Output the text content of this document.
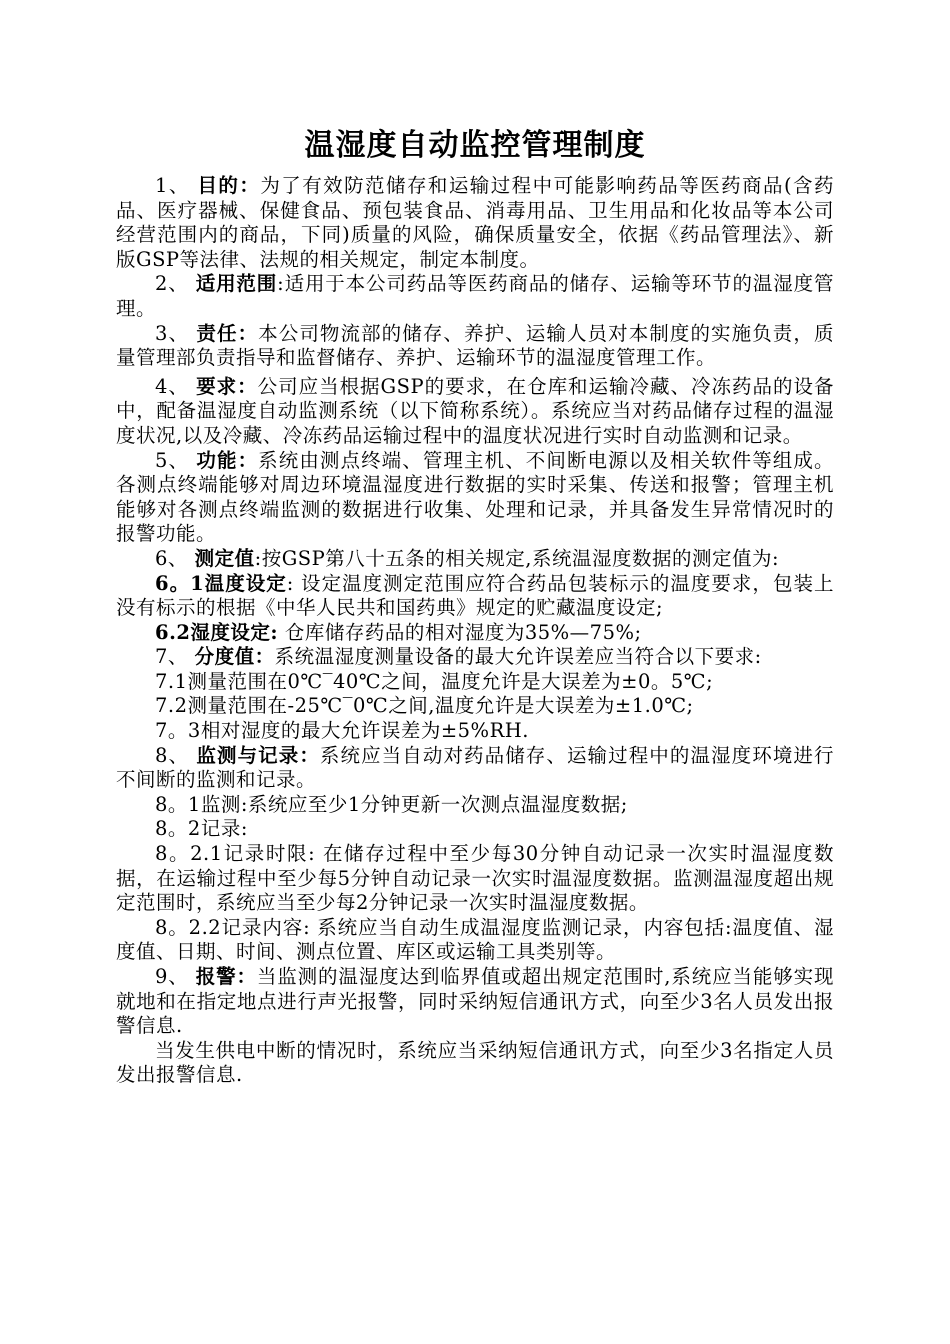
温湿度自动监控管理制度

1、 目的：为了有效防范储存和运输过程中可能影响药品等医药商品(含药品、医疗器械、保健食品、预包装食品、消毒用品、卫生用品和化妆品等本公司经营范围内的商品，下同)质量的风险，确保质量安全，依据《药品管理法》、新版GSP等法律、法规的相关规定，制定本制度。

2、 适用范围:适用于本公司药品等医药商品的储存、运输等环节的温湿度管理。

3、 责任：本公司物流部的储存、养护、运输人员对本制度的实施负责，质量管理部负责指导和监督储存、养护、运输环节的温湿度管理工作。

4、 要求：公司应当根据GSP的要求，在仓库和运输冷藏、冷冻药品的设备中，配备温湿度自动监测系统（以下简称系统）。系统应当对药品储存过程的温湿度状况,以及冷藏、冷冻药品运输过程中的温度状况进行实时自动监测和记录。

5、 功能：系统由测点终端、管理主机、不间断电源以及相关软件等组成。各测点终端能够对周边环境温湿度进行数据的实时采集、传送和报警；管理主机能够对各测点终端监测的数据进行收集、处理和记录，并具备发生异常情况时的报警功能。

6、 测定值:按GSP第八十五条的相关规定,系统温湿度数据的测定值为:

6。1温度设定: 设定温度测定范围应符合药品包装标示的温度要求，包装上没有标示的根据《中华人民共和国药典》规定的贮藏温度设定;

6.2湿度设定: 仓库储存药品的相对湿度为35%—75%;

7、 分度值：系统温湿度测量设备的最大允许误差应当符合以下要求:

7.1测量范围在0℃‾40℃之间，温度允许是大误差为±0。5℃;

7.2测量范围在-25℃‾0℃之间,温度允许是大误差为±1.0℃;

7。3相对湿度的最大允许误差为±5%RH.

8、 监测与记录：系统应当自动对药品储存、运输过程中的温湿度环境进行不间断的监测和记录。

8。1监测:系统应至少1分钟更新一次测点温湿度数据;

8。2记录:

8。2.1记录时限: 在储存过程中至少每30分钟自动记录一次实时温湿度数据，在运输过程中至少每5分钟自动记录一次实时温湿度数据。监测温湿度超出规定范围时，系统应当至少每2分钟记录一次实时温湿度数据。

8。2.2记录内容: 系统应当自动生成温湿度监测记录，内容包括:温度值、湿度值、日期、时间、测点位置、库区或运输工具类别等。

9、 报警：当监测的温湿度达到临界值或超出规定范围时,系统应当能够实现就地和在指定地点进行声光报警，同时采纳短信通讯方式，向至少3名人员发出报警信息.

当发生供电中断的情况时，系统应当采纳短信通讯方式，向至少3名指定人员发出报警信息.
